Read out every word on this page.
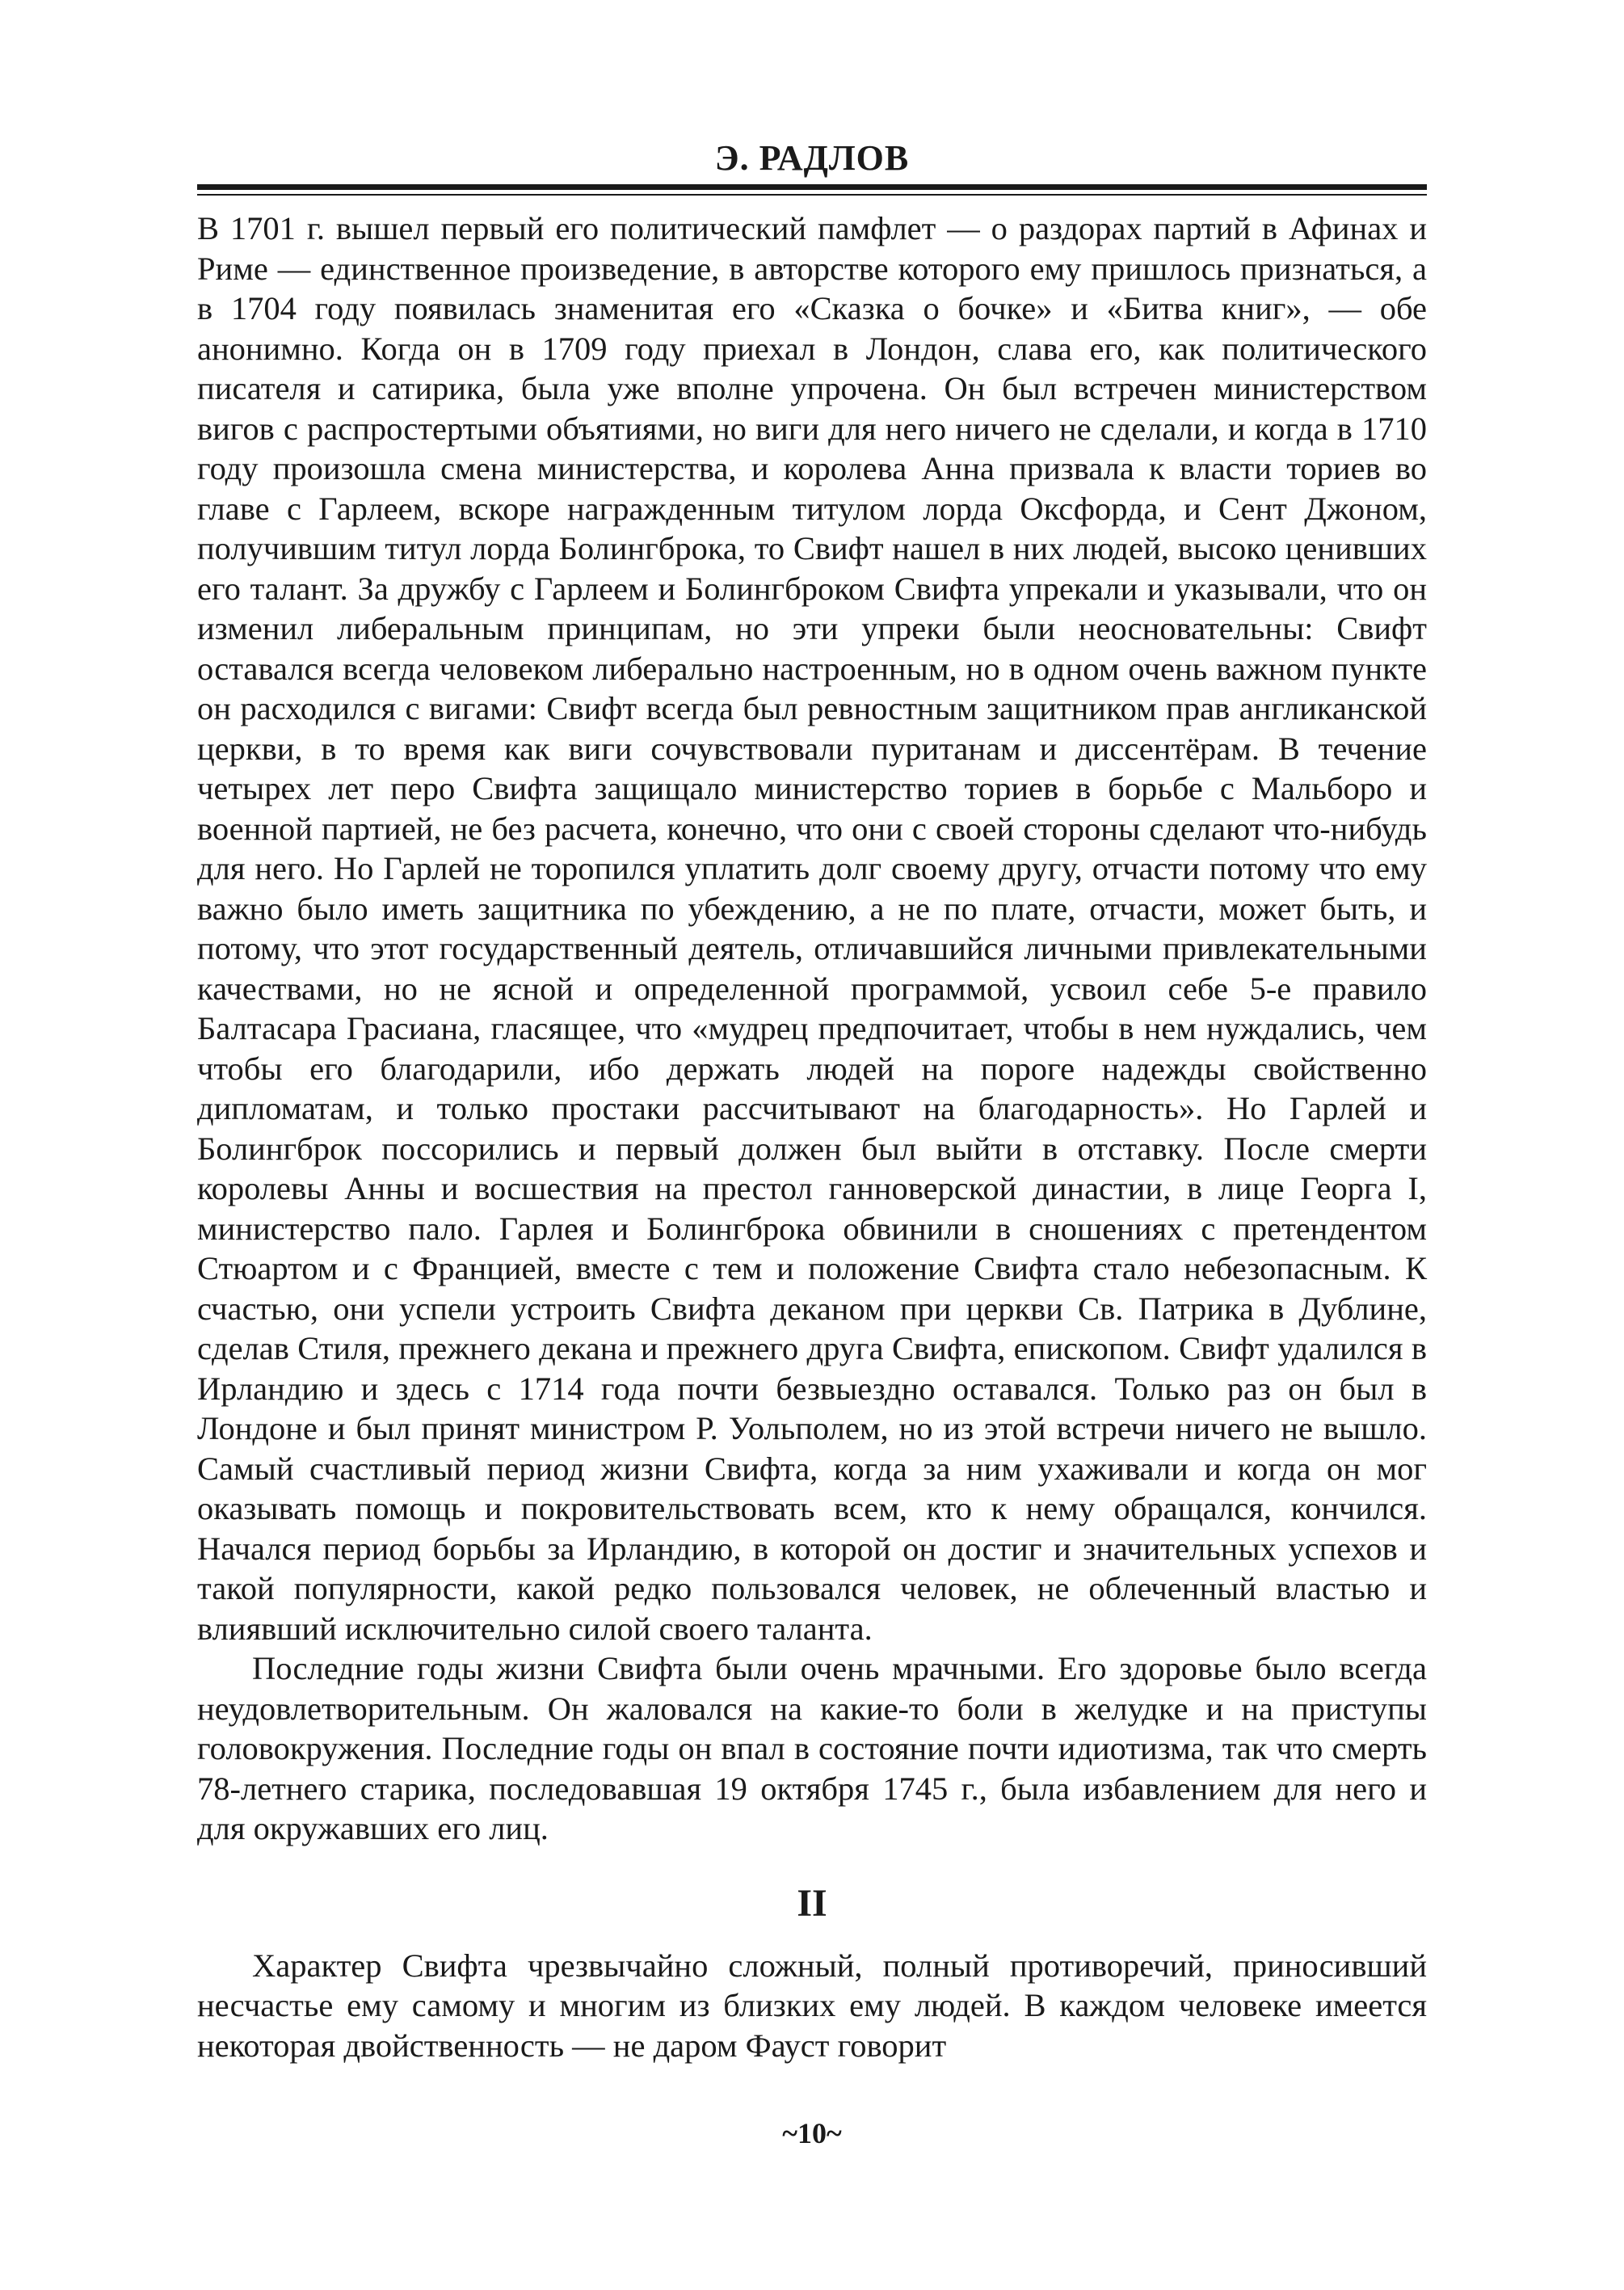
Э. РАДЛОВ

В 1701 г. вышел первый его политический памфлет — о раздорах партий в Афинах и Риме — единственное произведение, в авторстве которого ему пришлось признаться, а в 1704 году появилась знаменитая его «Сказка о бочке» и «Битва книг», — обе анонимно. Когда он в 1709 году приехал в Лондон, слава его, как политического писателя и сатирика, была уже вполне упрочена. Он был встречен министерством вигов с распростертыми объятиями, но виги для него ничего не сделали, и когда в 1710 году произошла смена министерства, и королева Анна призвала к власти ториев во главе с Гарлеем, вскоре награжденным титулом лорда Оксфорда, и Сент Джоном, получившим титул лорда Болингброка, то Свифт нашел в них людей, высоко ценивших его талант. За дружбу с Гарлеем и Болингброком Свифта упрекали и указывали, что он изменил либеральным принципам, но эти упреки были неосновательны: Свифт оставался всегда человеком либерально настроенным, но в одном очень важном пункте он расходился с вигами: Свифт всегда был ревностным защитником прав англиканской церкви, в то время как виги сочувствовали пуританам и диссентёрам. В течение четырех лет перо Свифта защищало министерство ториев в борьбе с Мальборо и военной партией, не без расчета, конечно, что они с своей стороны сделают что-нибудь для него. Но Гарлей не торопился уплатить долг своему другу, отчасти потому что ему важно было иметь защитника по убеждению, а не по плате, отчасти, может быть, и потому, что этот государственный деятель, отличавшийся личными привлекательными качествами, но не ясной и определенной программой, усвоил себе 5-е правило Балтасара Грасиана, гласящее, что «мудрец предпочитает, чтобы в нем нуждались, чем чтобы его благодарили, ибо держать людей на пороге надежды свойственно дипломатам, и только простаки рассчитывают на благодарность». Но Гарлей и Болингброк поссорились и первый должен был выйти в отставку. После смерти королевы Анны и восшествия на престол ганноверской династии, в лице Георга I, министерство пало. Гарлея и Болингброка обвинили в сношениях с претендентом Стюартом и с Францией, вместе с тем и положение Свифта стало небезопасным. К счастью, они успели устроить Свифта деканом при церкви Св. Патрика в Дублине, сделав Стиля, прежнего декана и прежнего друга Свифта, епископом. Свифт удалился в Ирландию и здесь с 1714 года почти безвыездно оставался. Только раз он был в Лондоне и был принят министром Р. Уольполем, но из этой встречи ничего не вышло. Самый счастливый период жизни Свифта, когда за ним ухаживали и когда он мог оказывать помощь и покровительствовать всем, кто к нему обращался, кончился. Начался период борьбы за Ирландию, в которой он достиг и значительных успехов и такой популярности, какой редко пользовался человек, не облеченный властью и влиявший исключительно силой своего таланта.

Последние годы жизни Свифта были очень мрачными. Его здоровье было всегда неудовлетворительным. Он жаловался на какие-то боли в желудке и на приступы головокружения. Последние годы он впал в состояние почти идиотизма, так что смерть 78-летнего старика, последовавшая 19 октября 1745 г., была избавлением для него и для окружавших его лиц.

II

Характер Свифта чрезвычайно сложный, полный противоречий, приносивший несчастье ему самому и многим из близких ему людей. В каждом человеке имеется некоторая двойственность — не даром Фауст говорит

~10~
